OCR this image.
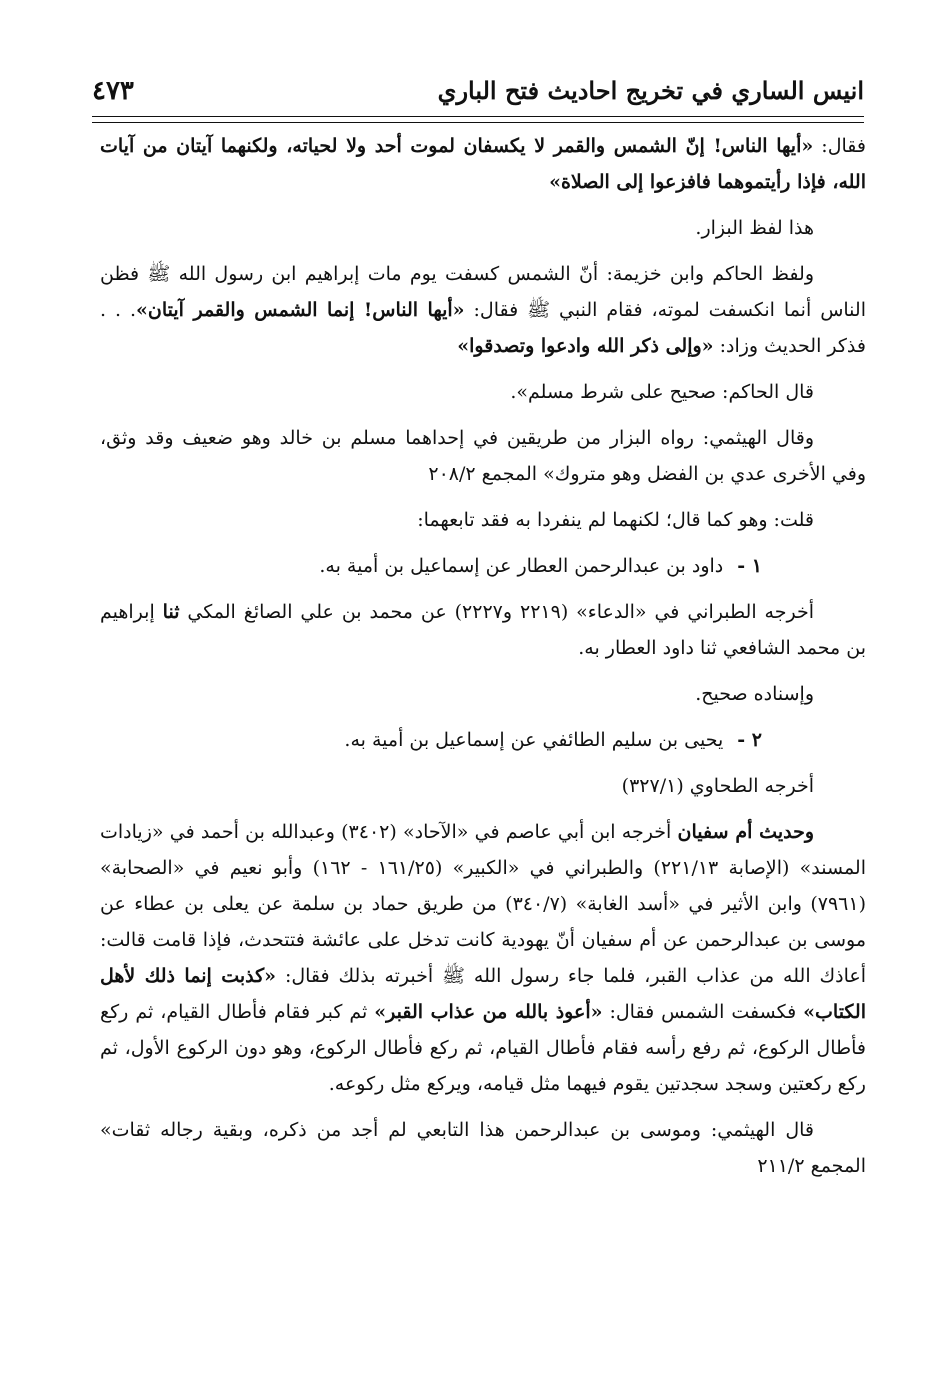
انيس الساري في تخريج احاديث فتح الباري
٤٧٣

فقال: «أيها الناس! إنّ الشمس والقمر لا يكسفان لموت أحد ولا لحياته، ولكنهما آيتان من آيات الله، فإذا رأيتموهما فافزعوا إلى الصلاة»

هذا لفظ البزار.

ولفظ الحاكم وابن خزيمة: أنّ الشمس كسفت يوم مات إبراهيم ابن رسول الله ﷺ فظن الناس أنما انكسفت لموته، فقام النبي ﷺ فقال: «أيها الناس! إنما الشمس والقمر آيتان». . . فذكر الحديث وزاد: «وإلى ذكر الله وادعوا وتصدقوا»

قال الحاكم: صحيح على شرط مسلم».

وقال الهيثمي: رواه البزار من طريقين في إحداهما مسلم بن خالد وهو ضعيف وقد وثق، وفي الأخرى عدي بن الفضل وهو متروك» المجمع ٢٠٨/٢

قلت: وهو كما قال؛ لكنهما لم ينفردا به فقد تابعهما:

١ -داود بن عبدالرحمن العطار عن إسماعيل بن أمية به.

أخرجه الطبراني في «الدعاء» (٢٢١٩ و٢٢٢٧) عن محمد بن علي الصائغ المكي ثنا إبراهيم بن محمد الشافعي ثنا داود العطار به.

وإسناده صحيح.

٢ -يحيى بن سليم الطائفي عن إسماعيل بن أمية به.

أخرجه الطحاوي (٣٢٧/١)

وحديث أم سفيان أخرجه ابن أبي عاصم في «الآحاد» (٣٤٠٢) وعبدالله بن أحمد في «زيادات المسند» (الإصابة ٢٢١/١٣) والطبراني في «الكبير» (١٦١/٢٥ - ١٦٢) وأبو نعيم في «الصحابة» (٧٩٦١) وابن الأثير في «أسد الغابة» (٣٤٠/٧) من طريق حماد بن سلمة عن يعلى بن عطاء عن موسى بن عبدالرحمن عن أم سفيان أنّ يهودية كانت تدخل على عائشة فتتحدث، فإذا قامت قالت: أعاذك الله من عذاب القبر، فلما جاء رسول الله ﷺ أخبرته بذلك فقال: «كذبت إنما ذلك لأهل الكتاب» فكسفت الشمس فقال: «أعوذ بالله من عذاب القبر» ثم كبر فقام فأطال القيام، ثم ركع فأطال الركوع، ثم رفع رأسه فقام فأطال القيام، ثم ركع فأطال الركوع، وهو دون الركوع الأول، ثم ركع ركعتين وسجد سجدتين يقوم فيهما مثل قيامه، ويركع مثل ركوعه.

قال الهيثمي: وموسى بن عبدالرحمن هذا التابعي لم أجد من ذكره، وبقية رجاله ثقات» المجمع ٢١١/٢
